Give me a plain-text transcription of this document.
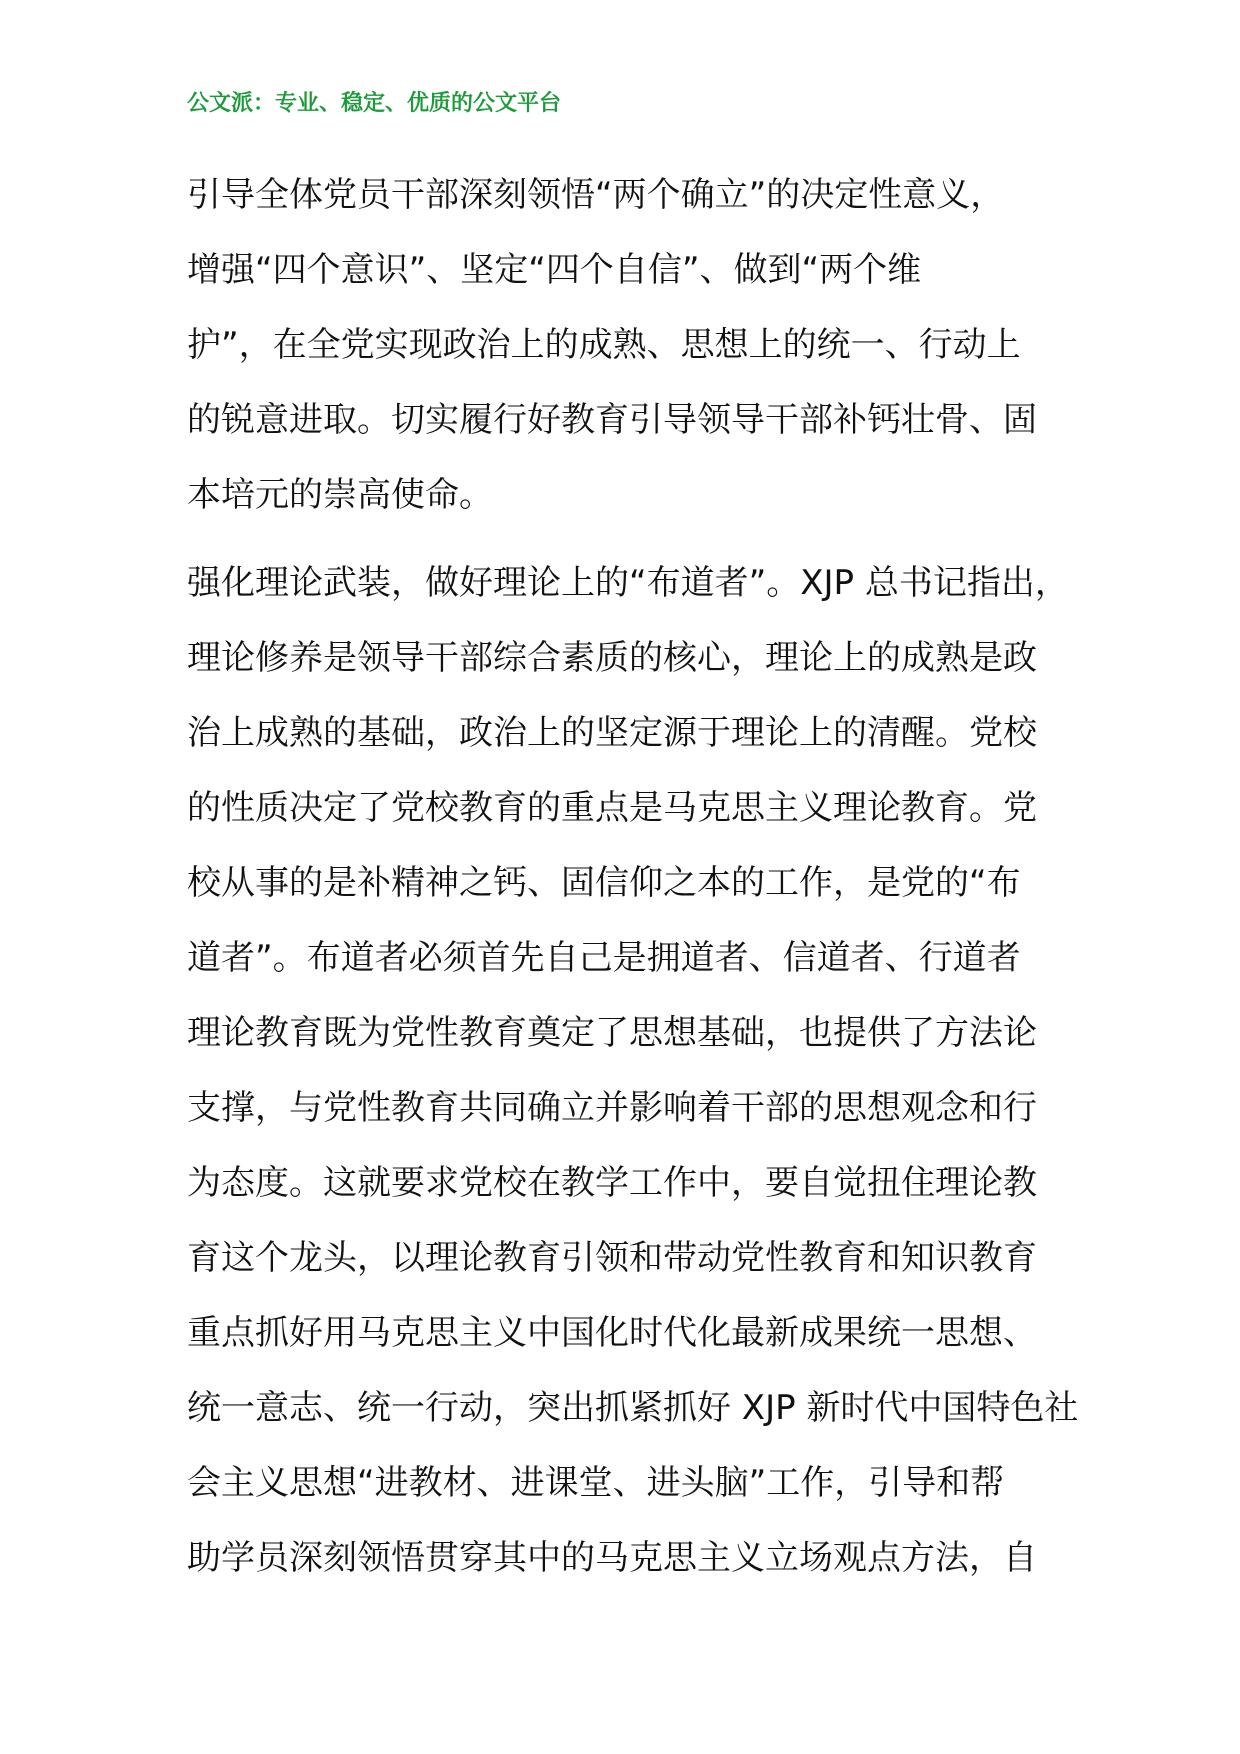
公文派：专业、稳定、优质的公文平台
引导全体党员干部深刻领悟“两个确立”的决定性意义，
增强“四个意识”、坚定“四个自信”、做到“两个维
护”，在全党实现政治上的成熟、思想上的统一、行动上
的锐意进取。切实履行好教育引导领导干部补钙壮骨、固
本培元的崇高使命。
强化理论武装，做好理论上的“布道者”。XJP 总书记指出，
理论修养是领导干部综合素质的核心，理论上的成熟是政
治上成熟的基础，政治上的坚定源于理论上的清醒。党校
的性质决定了党校教育的重点是马克思主义理论教育。党
校从事的是补精神之钙、固信仰之本的工作，是党的“布
道者”。布道者必须首先自己是拥道者、信道者、行道者
理论教育既为党性教育奠定了思想基础，也提供了方法论
支撑，与党性教育共同确立并影响着干部的思想观念和行
为态度。这就要求党校在教学工作中，要自觉扭住理论教
育这个龙头，以理论教育引领和带动党性教育和知识教育
重点抓好用马克思主义中国化时代化最新成果统一思想、
统一意志、统一行动，突出抓紧抓好 XJP 新时代中国特色社
会主义思想“进教材、进课堂、进头脑”工作，引导和帮
助学员深刻领悟贯穿其中的马克思主义立场观点方法，自
